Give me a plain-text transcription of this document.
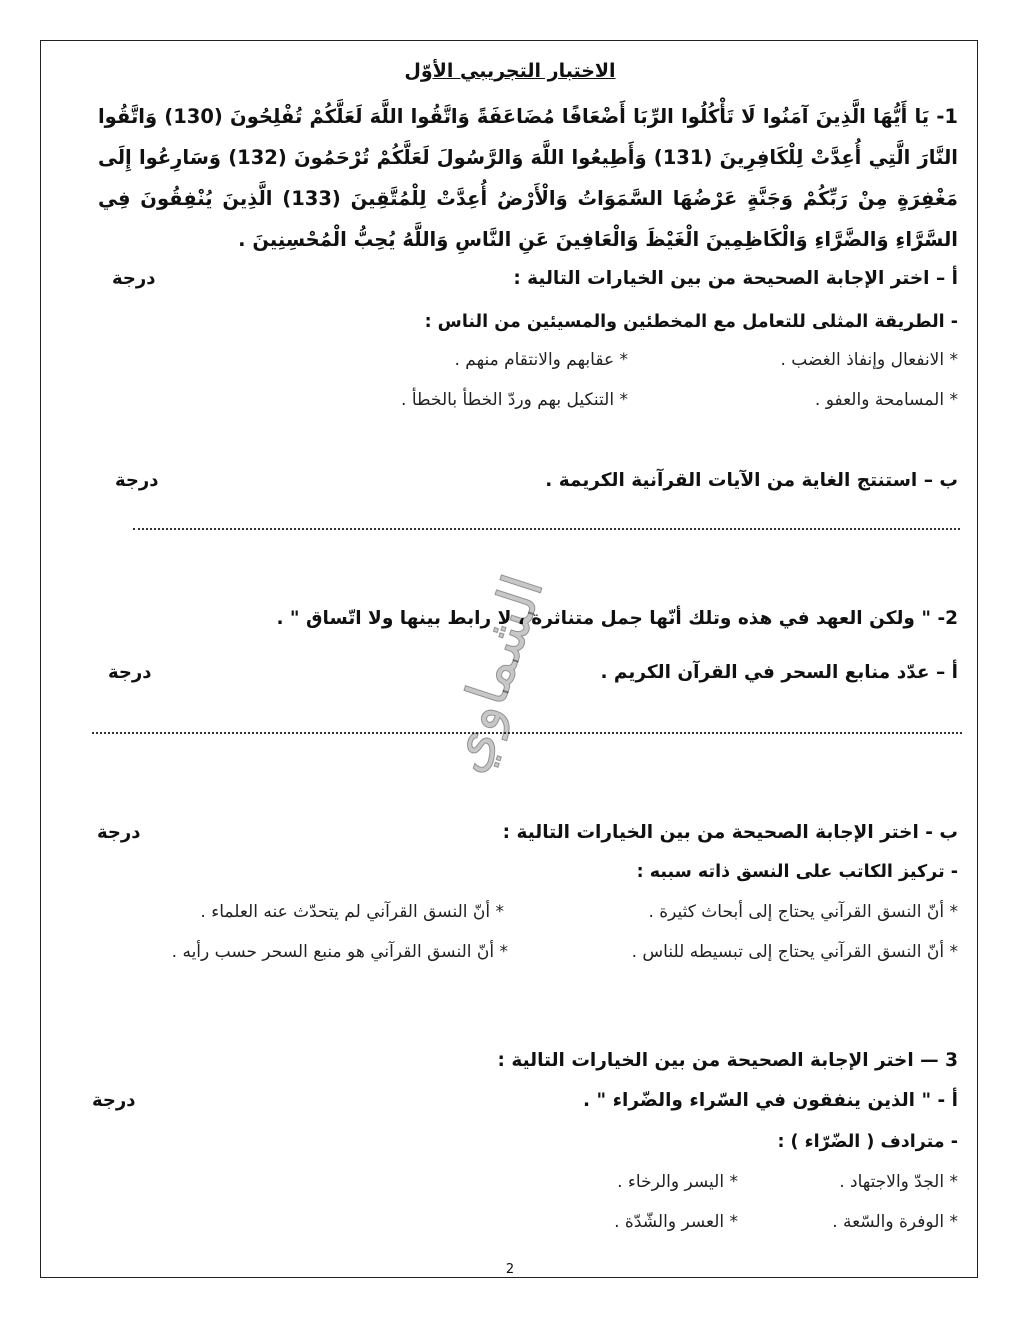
الاختبار التجريبي الأوّل
1- يَا أَيُّهَا الَّذِينَ آمَنُوا لَا تَأْكُلُوا الرِّبَا أَضْعَافًا مُضَاعَفَةً وَاتَّقُوا اللَّهَ لَعَلَّكُمْ تُفْلِحُونَ (130) وَاتَّقُوا النَّارَ الَّتِي أُعِدَّتْ لِلْكَافِرِينَ (131) وَأَطِيعُوا اللَّهَ وَالرَّسُولَ لَعَلَّكُمْ تُرْحَمُونَ (132) وَسَارِعُوا إِلَى مَغْفِرَةٍ مِنْ رَبِّكُمْ وَجَنَّةٍ عَرْضُهَا السَّمَوَاتُ وَالْأَرْضُ أُعِدَّتْ لِلْمُتَّقِينَ (133) الَّذِينَ يُنْفِقُونَ فِي السَّرَّاءِ وَالضَّرَّاءِ وَالْكَاظِمِينَ الْغَيْظَ وَالْعَافِينَ عَنِ النَّاسِ وَاللَّهُ يُحِبُّ الْمُحْسِنِينَ .
أ – اختر الإجابة الصحيحة من بين الخيارات التالية :
درجة
- الطريقة المثلى للتعامل مع المخطئين والمسيئين من الناس :
* الانفعال وإنفاذ الغضب .
* عقابهم والانتقام منهم .
* المسامحة والعفو .
* التنكيل بهم وردّ الخطأ بالخطأ .
ب – استنتج الغاية من الآيات القرآنية الكريمة .
درجة
2- " ولكن العهد في هذه وتلك أنّها جمل متناثرة ، لا رابط بينها ولا اتّساق " .
أ – عدّد منابع السحر في القرآن الكريم .
درجة
ب - اختر الإجابة الصحيحة من بين الخيارات التالية :
درجة
- تركيز الكاتب على النسق ذاته سببه :
* أنّ النسق القرآني يحتاج إلى أبحاث كثيرة .
* أنّ النسق القرآني لم يتحدّث عنه العلماء .
* أنّ النسق القرآني يحتاج إلى تبسيطه للناس .
* أنّ النسق القرآني هو منبع السحر حسب رأيه .
3 — اختر الإجابة الصحيحة من بين الخيارات التالية :
أ - " الذين ينفقون في السّراء والضّراء " .
درجة
- مترادف ( الضّرّاء ) :
* الجدّ والاجتهاد .
* اليسر والرخاء .
* الوفرة والسّعة .
* العسر والشّدّة .
الشماوي
2
